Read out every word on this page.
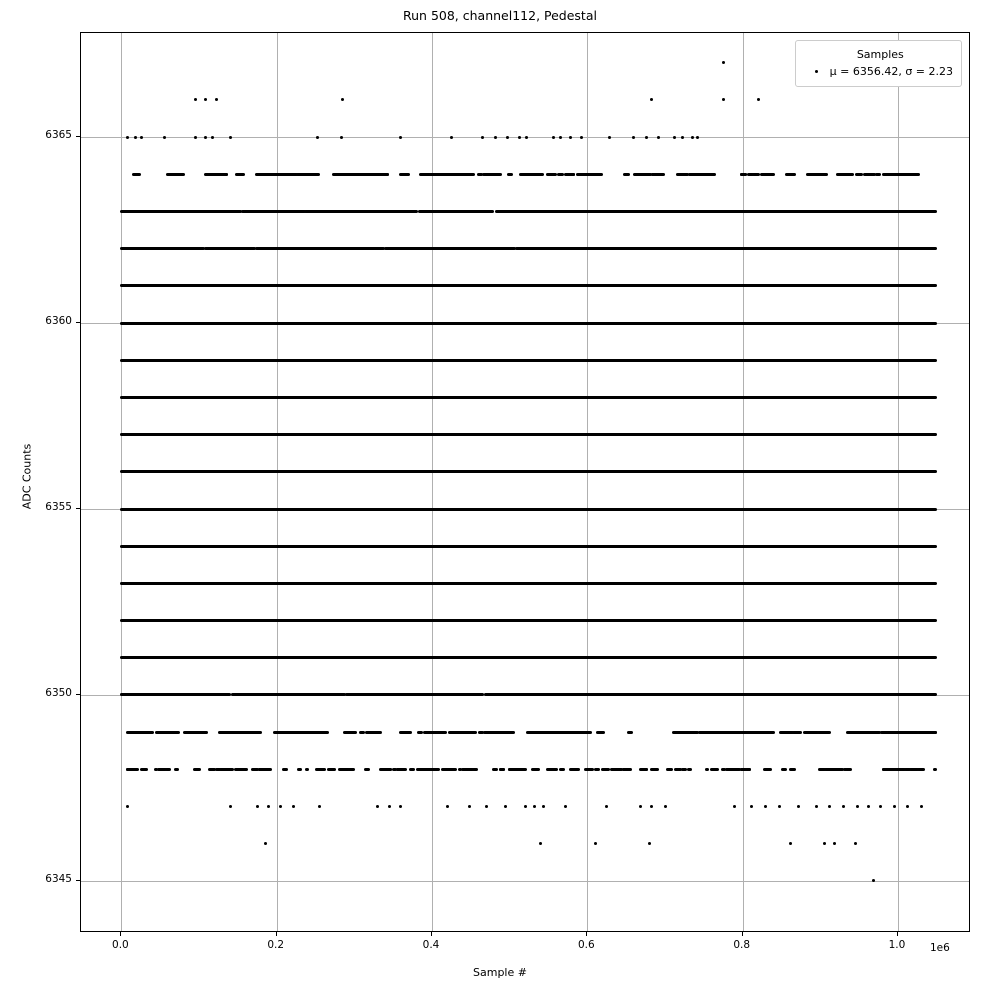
Run 508, channel112, Pedestal
Samples
μ = 6356.42, σ = 2.23
0.0	0.2	0.4	0.6	0.8	1.0
6345
6350
6355
6360
6365
1e6
Sample #
ADC Counts
